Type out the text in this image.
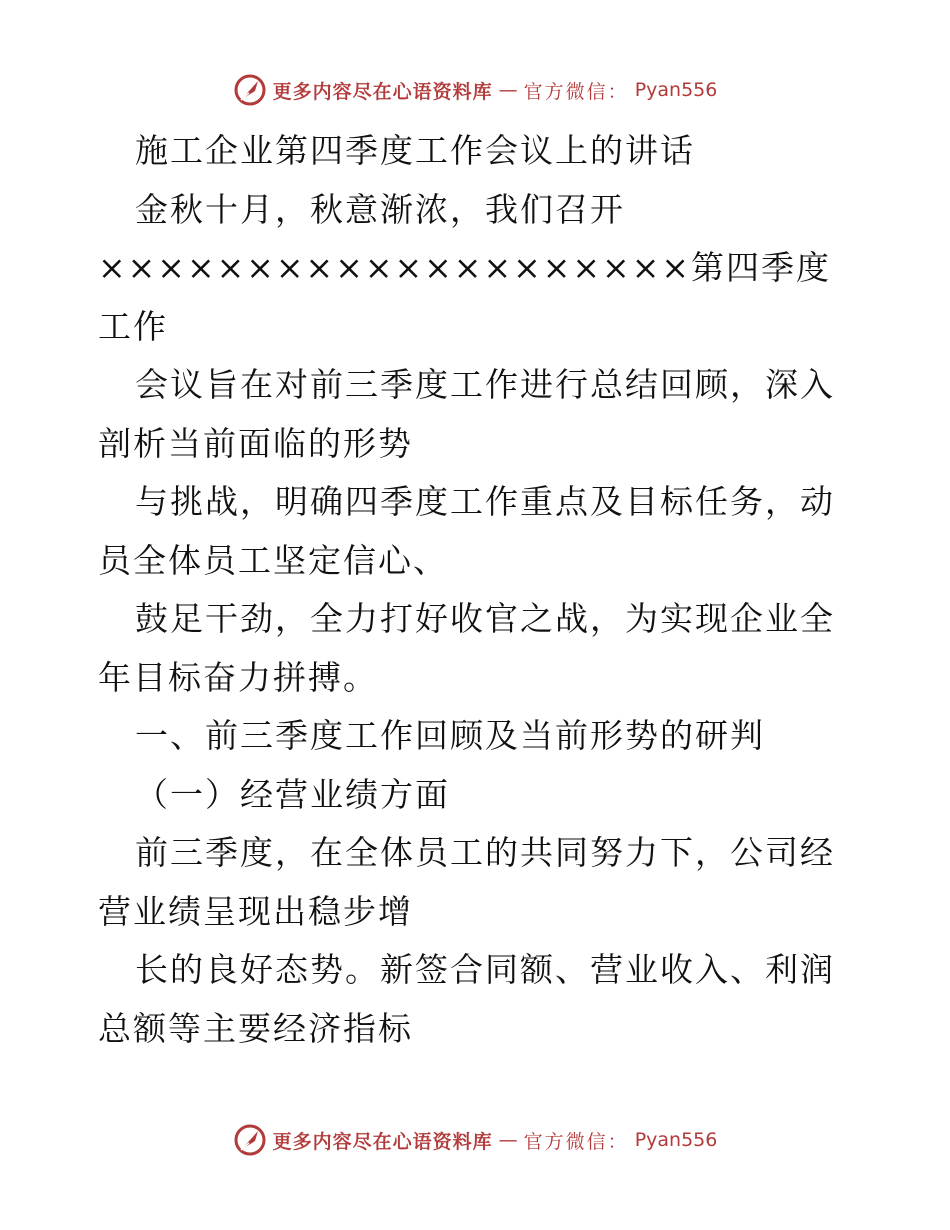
更多内容尽在心语资料库 — 官方微信： Pyan556

施工企业第四季度工作会议上的讲话

金秋十月，秋意渐浓，我们召开

××××××××××××××××××××第四季度工作

会议旨在对前三季度工作进行总结回顾，深入剖析当前面临的形势

与挑战，明确四季度工作重点及目标任务，动员全体员工坚定信心、

鼓足干劲，全力打好收官之战，为实现企业全年目标奋力拼搏。

一、前三季度工作回顾及当前形势的研判

（一）经营业绩方面

前三季度，在全体员工的共同努力下，公司经营业绩呈现出稳步增

长的良好态势。新签合同额、营业收入、利润总额等主要经济指标

更多内容尽在心语资料库 — 官方微信： Pyan556
